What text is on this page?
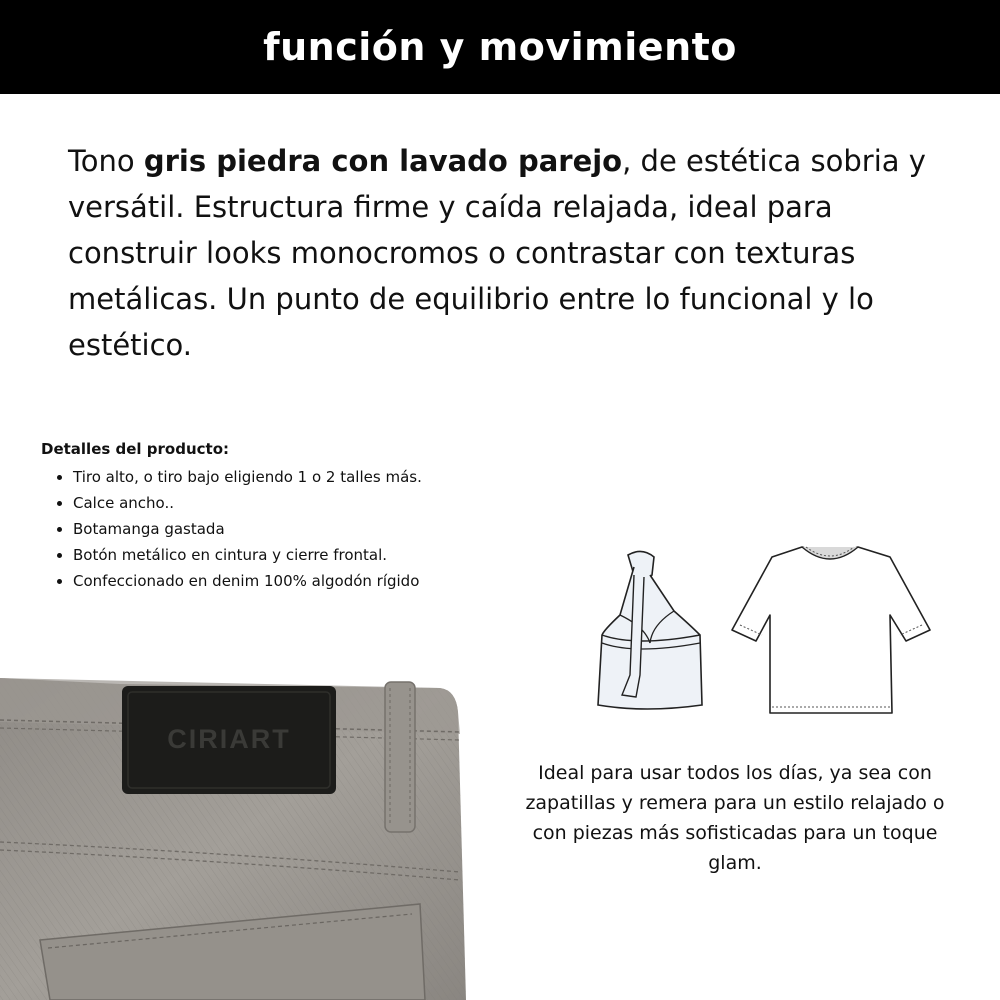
función y movimiento

Tono gris piedra con lavado parejo, de estética sobria y versátil. Estructura firme y caída relajada, ideal para construir looks monocromos o contrastar con texturas metálicas. Un punto de equilibrio entre lo funcional y lo estético.

Detalles del producto:

• Tiro alto, o tiro bajo eligiendo 1 o 2 talles más.
• Calce ancho..
• Botamanga gastada
• Botón metálico en cintura y cierre frontal.
• Confeccionado en denim 100% algodón rígido
CIRIART

Ideal para usar todos los días, ya sea con zapatillas y remera para un estilo relajado o con piezas más sofisticadas para un toque glam.
